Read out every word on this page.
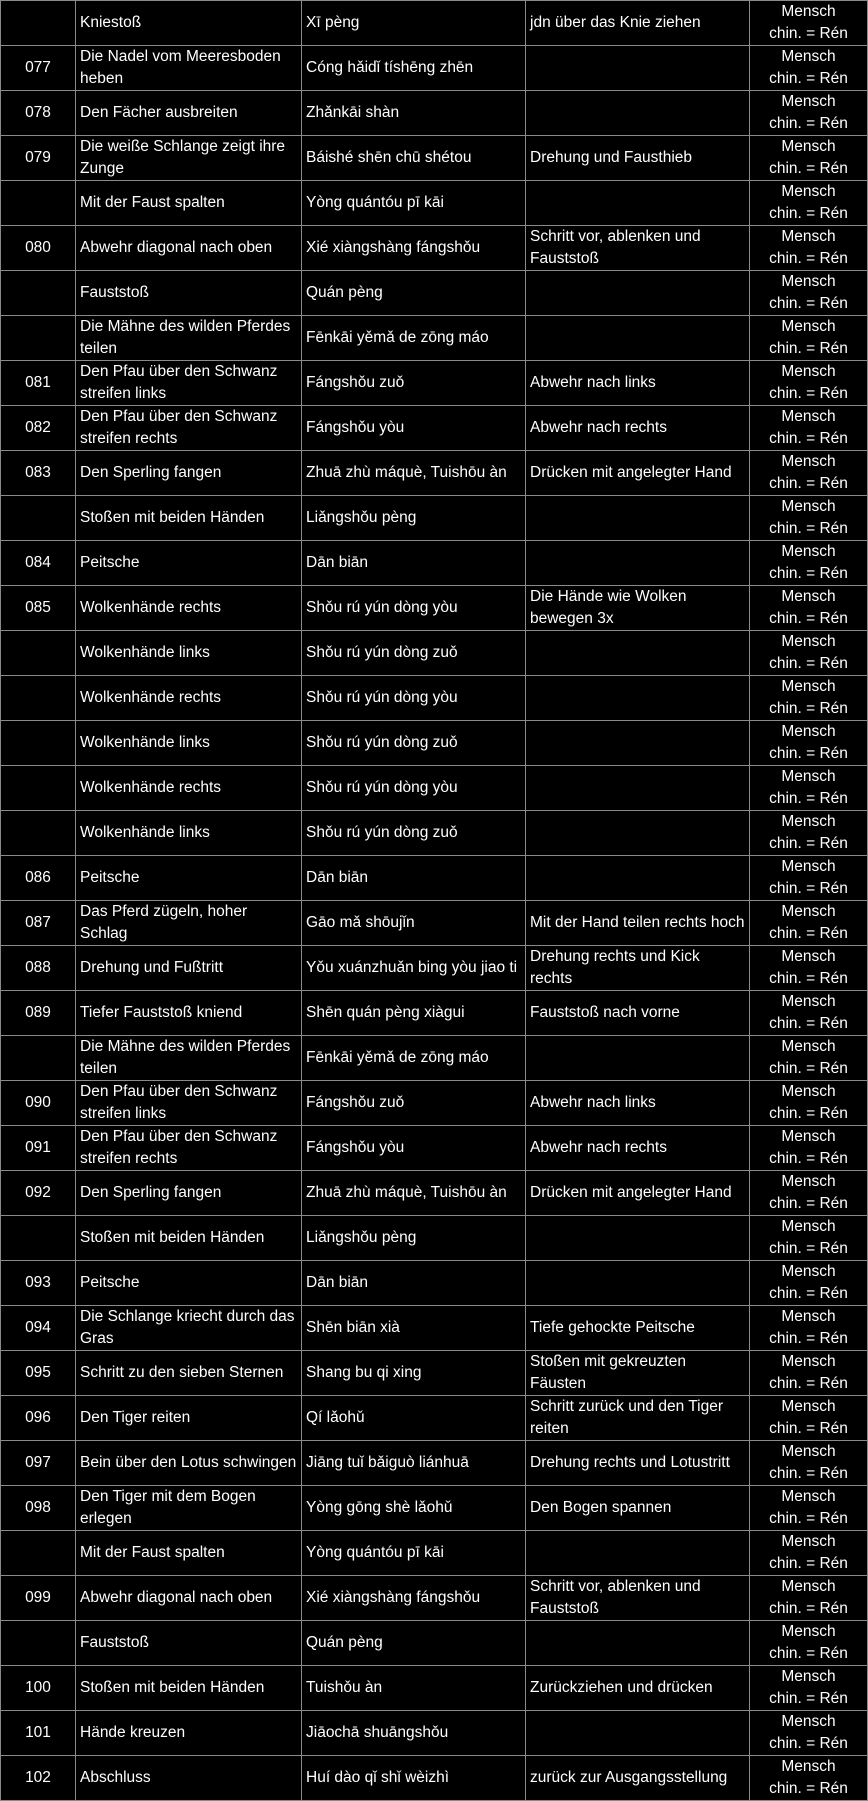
	Kniestoß	Xī pèng	jdn über das Knie ziehen	Mensch
chin. = Rén

077	Die Nadel vom Meeresboden heben	Cóng hǎidǐ tíshēng zhēn		Mensch
chin. = Rén

078	Den Fächer ausbreiten	Zhǎnkāi shàn		Mensch
chin. = Rén

079	Die weiße Schlange zeigt ihre Zunge	Báishé shēn chū shétou	Drehung und Fausthieb	Mensch
chin. = Rén

	Mit der Faust spalten	Yòng quántóu pī kāi		Mensch
chin. = Rén

080	Abwehr diagonal nach oben	Xié xiàngshàng fángshǒu	Schritt vor, ablenken und Fauststoß	Mensch
chin. = Rén

	Fauststoß	Quán pèng		Mensch
chin. = Rén

	Die Mähne des wilden Pferdes teilen	Fēnkāi yěmǎ de zōng máo		Mensch
chin. = Rén

081	Den Pfau über den Schwanz streifen links	Fángshǒu zuǒ	Abwehr nach links	Mensch
chin. = Rén

082	Den Pfau über den Schwanz streifen rechts	Fángshǒu yòu	Abwehr nach rechts	Mensch
chin. = Rén

083	Den Sperling fangen	Zhuā zhù máquè, Tuishōu àn	Drücken mit angelegter Hand	Mensch
chin. = Rén

	Stoßen mit beiden Händen	Liǎngshǒu pèng		Mensch
chin. = Rén

084	Peitsche	Dān biān		Mensch
chin. = Rén

085	Wolkenhände rechts	Shǒu rú yún dòng yòu	Die Hände wie Wolken bewegen 3x	Mensch
chin. = Rén

	Wolkenhände links	Shǒu rú yún dòng zuǒ		Mensch
chin. = Rén

	Wolkenhände rechts	Shǒu rú yún dòng yòu		Mensch
chin. = Rén

	Wolkenhände links	Shǒu rú yún dòng zuǒ		Mensch
chin. = Rén

	Wolkenhände rechts	Shǒu rú yún dòng yòu		Mensch
chin. = Rén

	Wolkenhände links	Shǒu rú yún dòng zuǒ		Mensch
chin. = Rén

086	Peitsche	Dān biān		Mensch
chin. = Rén

087	Das Pferd zügeln, hoher Schlag	Gāo mǎ shōujǐn	Mit der Hand teilen rechts hoch	Mensch
chin. = Rén

088	Drehung und Fußtritt	Yǒu xuánzhuǎn bing yòu jiao ti	Drehung rechts und Kick rechts	Mensch
chin. = Rén

089	Tiefer Fauststoß kniend	Shēn quán pèng xiàgui	Fauststoß nach vorne	Mensch
chin. = Rén

	Die Mähne des wilden Pferdes teilen	Fēnkāi yěmǎ de zōng máo		Mensch
chin. = Rén

090	Den Pfau über den Schwanz streifen links	Fángshǒu zuǒ	Abwehr nach links	Mensch
chin. = Rén

091	Den Pfau über den Schwanz streifen rechts	Fángshǒu yòu	Abwehr nach rechts	Mensch
chin. = Rén

092	Den Sperling fangen	Zhuā zhù máquè, Tuishōu àn	Drücken mit angelegter Hand	Mensch
chin. = Rén

	Stoßen mit beiden Händen	Liǎngshǒu pèng		Mensch
chin. = Rén

093	Peitsche	Dān biān		Mensch
chin. = Rén

094	Die Schlange kriecht durch das Gras	Shēn biān xià	Tiefe gehockte Peitsche	Mensch
chin. = Rén

095	Schritt zu den sieben Sternen	Shang bu qi xing	Stoßen mit gekreuzten Fäusten	Mensch
chin. = Rén

096	Den Tiger reiten	Qí lǎohǔ	Schritt zurück und den Tiger reiten	Mensch
chin. = Rén

097	Bein über den Lotus schwingen	Jiāng tuǐ bǎiguò liánhuā	Drehung rechts und Lotustritt	Mensch
chin. = Rén

098	Den Tiger mit dem Bogen erlegen	Yòng gōng shè lǎohǔ	Den Bogen spannen	Mensch
chin. = Rén

	Mit der Faust spalten	Yòng quántóu pī kāi		Mensch
chin. = Rén

099	Abwehr diagonal nach oben	Xié xiàngshàng fángshǒu	Schritt vor, ablenken und Fauststoß	Mensch
chin. = Rén

	Fauststoß	Quán pèng		Mensch
chin. = Rén

100	Stoßen mit beiden Händen	Tuishǒu àn	Zurückziehen und drücken	Mensch
chin. = Rén

101	Hände kreuzen	Jiāochā shuāngshǒu		Mensch
chin. = Rén

102	Abschluss	Huí dào qǐ shǐ wèizhì	zurück zur Ausgangsstellung	Mensch
chin. = Rén
